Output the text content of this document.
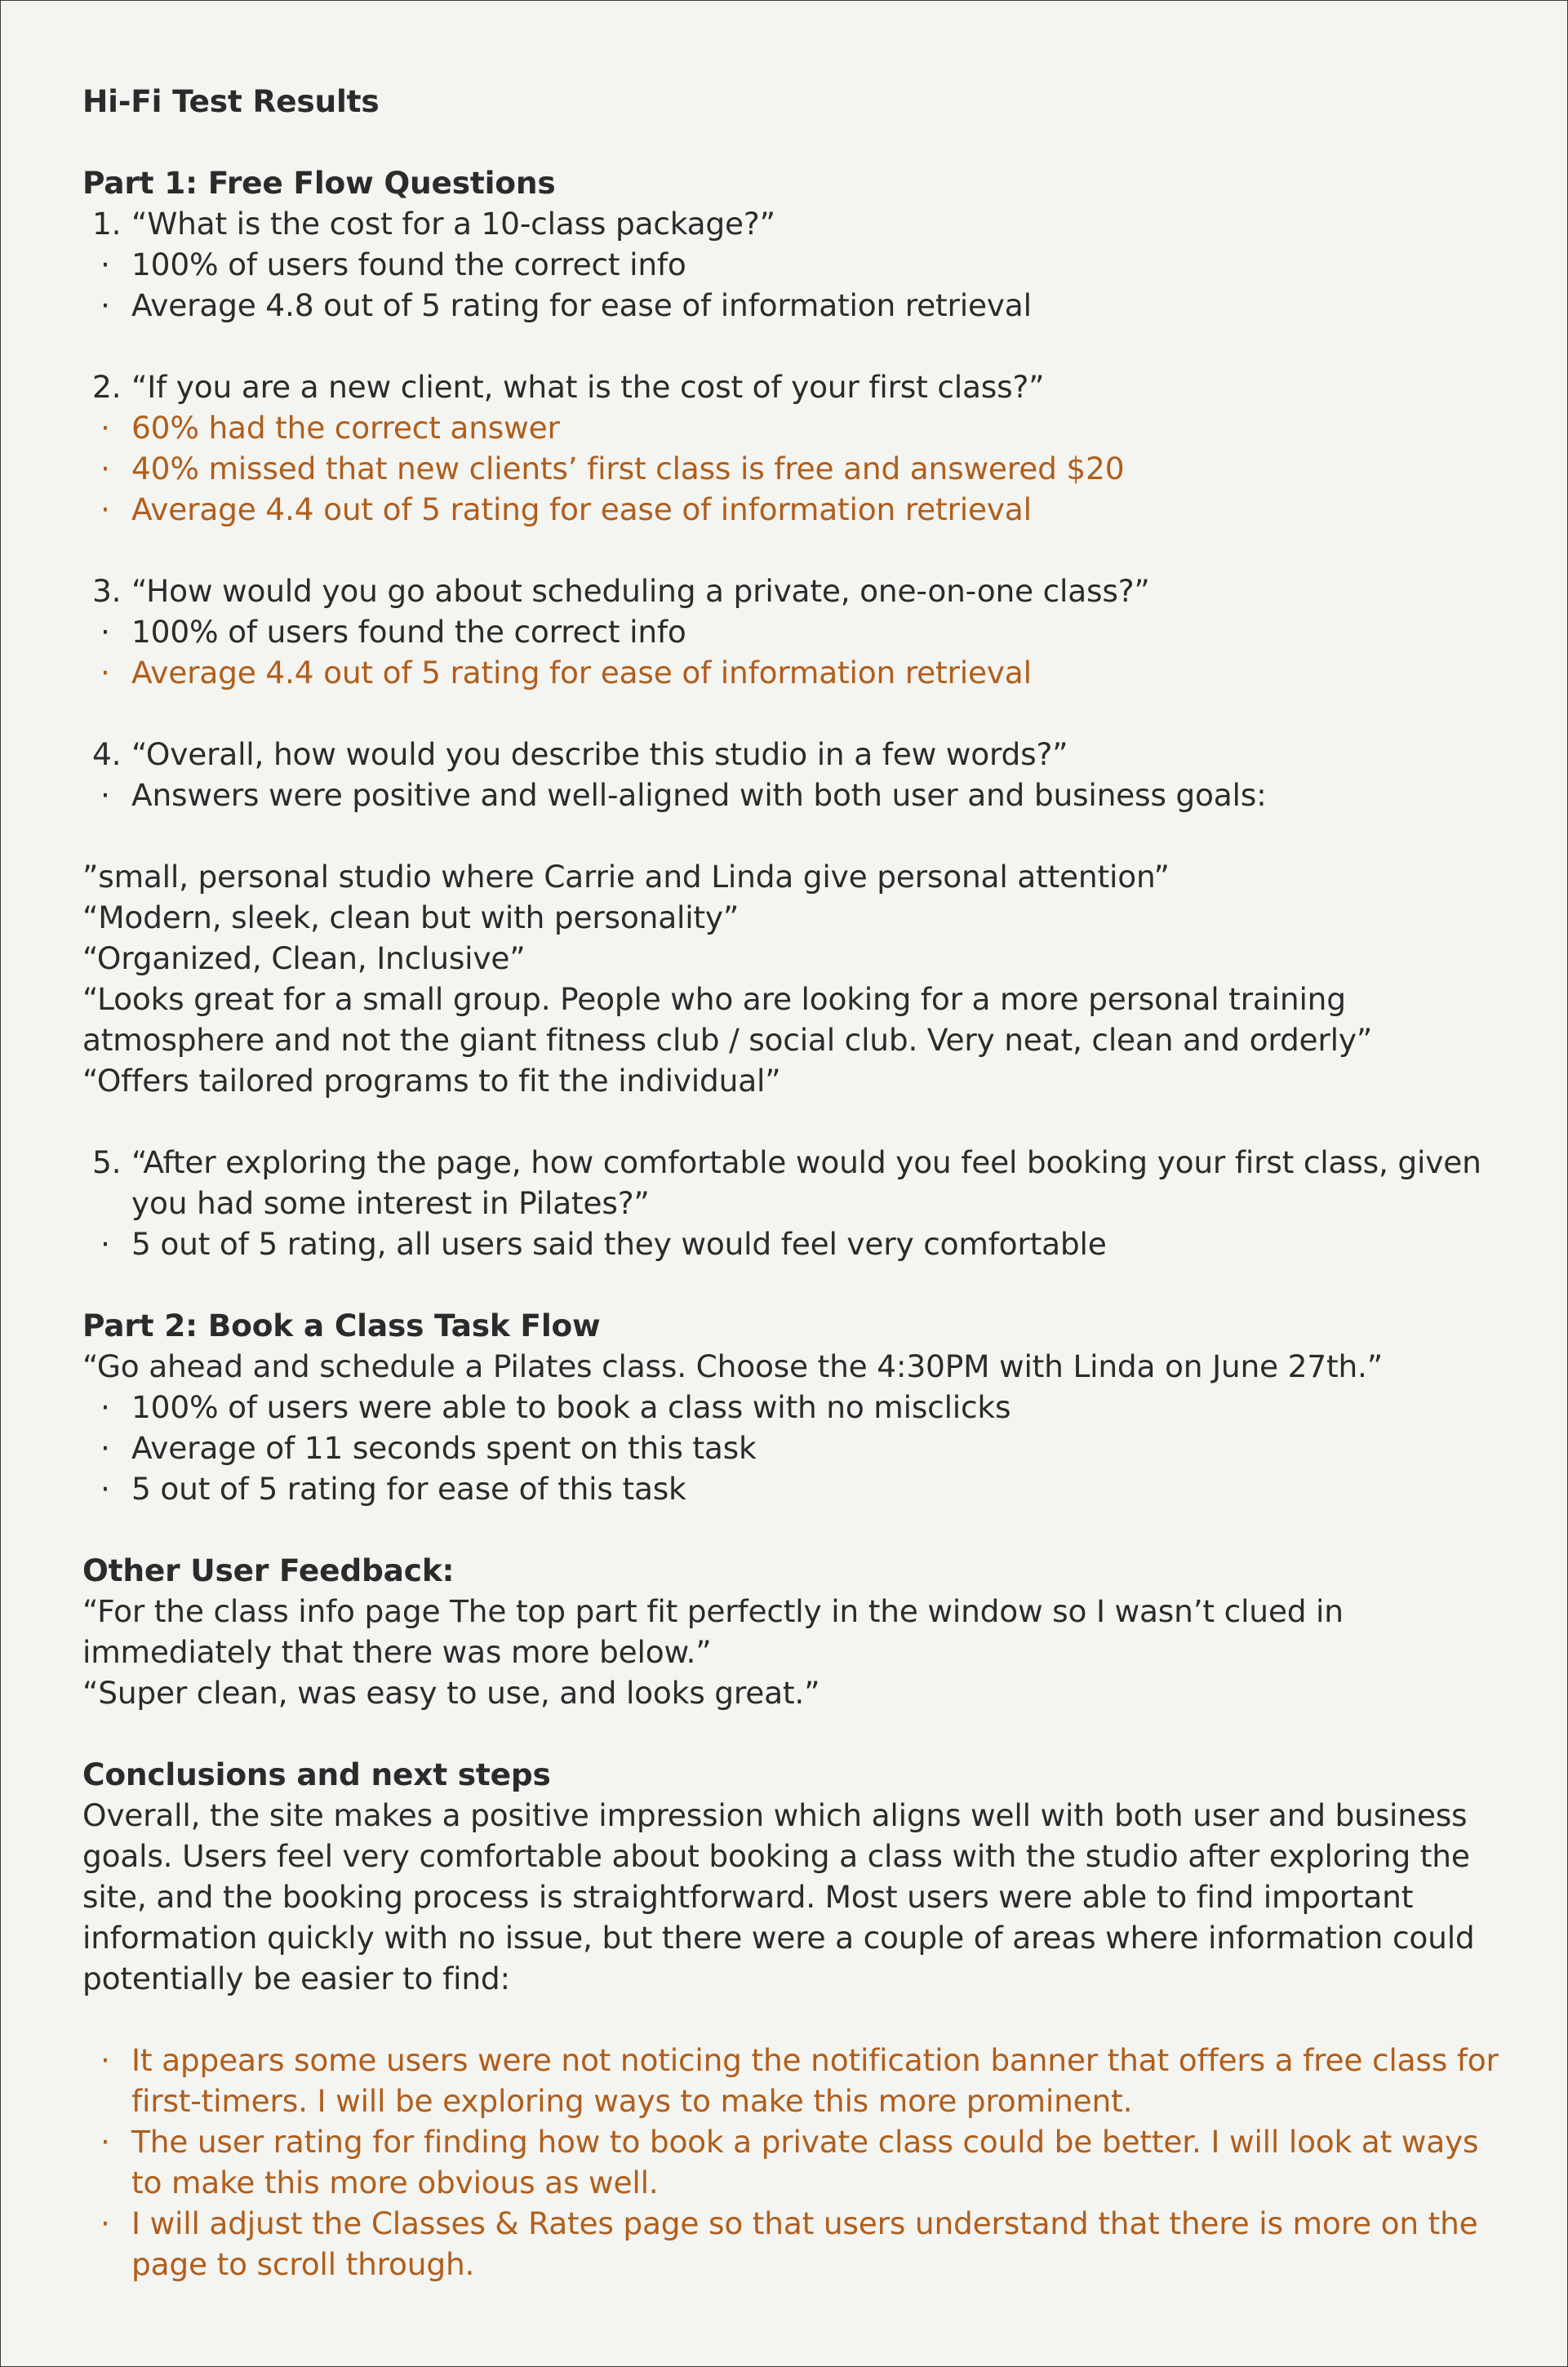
Hi-Fi Test Results
Part 1: Free Flow Questions
1. “What is the cost for a 10-class package?”
· 100% of users found the correct info
· Average 4.8 out of 5 rating for ease of information retrieval
2. “If you are a new client, what is the cost of your first class?”
· 60% had the correct answer
· 40% missed that new clients’ first class is free and answered $20
· Average 4.4 out of 5 rating for ease of information retrieval
3. “How would you go about scheduling a private, one-on-one class?”
· 100% of users found the correct info
· Average 4.4 out of 5 rating for ease of information retrieval
4. “Overall, how would you describe this studio in a few words?”
· Answers were positive and well-aligned with both user and business goals:
”small, personal studio where Carrie and Linda give personal attention”
“Modern, sleek, clean but with personality”
“Organized, Clean, Inclusive”
“Looks great for a small group. People who are looking for a more personal training
atmosphere and not the giant fitness club / social club. Very neat, clean and orderly”
“Offers tailored programs to fit the individual”
5. “After exploring the page, how comfortable would you feel booking your first class, given
you had some interest in Pilates?”
· 5 out of 5 rating, all users said they would feel very comfortable
Part 2: Book a Class Task Flow
“Go ahead and schedule a Pilates class. Choose the 4:30PM with Linda on June 27th.”
· 100% of users were able to book a class with no misclicks
· Average of 11 seconds spent on this task
· 5 out of 5 rating for ease of this task
Other User Feedback:
“For the class info page The top part fit perfectly in the window so I wasn’t clued in
immediately that there was more below.”
“Super clean, was easy to use, and looks great.”
Conclusions and next steps
Overall, the site makes a positive impression which aligns well with both user and business
goals. Users feel very comfortable about booking a class with the studio after exploring the
site, and the booking process is straightforward. Most users were able to find important
information quickly with no issue, but there were a couple of areas where information could
potentially be easier to find:
· It appears some users were not noticing the notification banner that offers a free class for
first-timers. I will be exploring ways to make this more prominent.
· The user rating for finding how to book a private class could be better. I will look at ways
to make this more obvious as well.
· I will adjust the Classes & Rates page so that users understand that there is more on the
page to scroll through.
